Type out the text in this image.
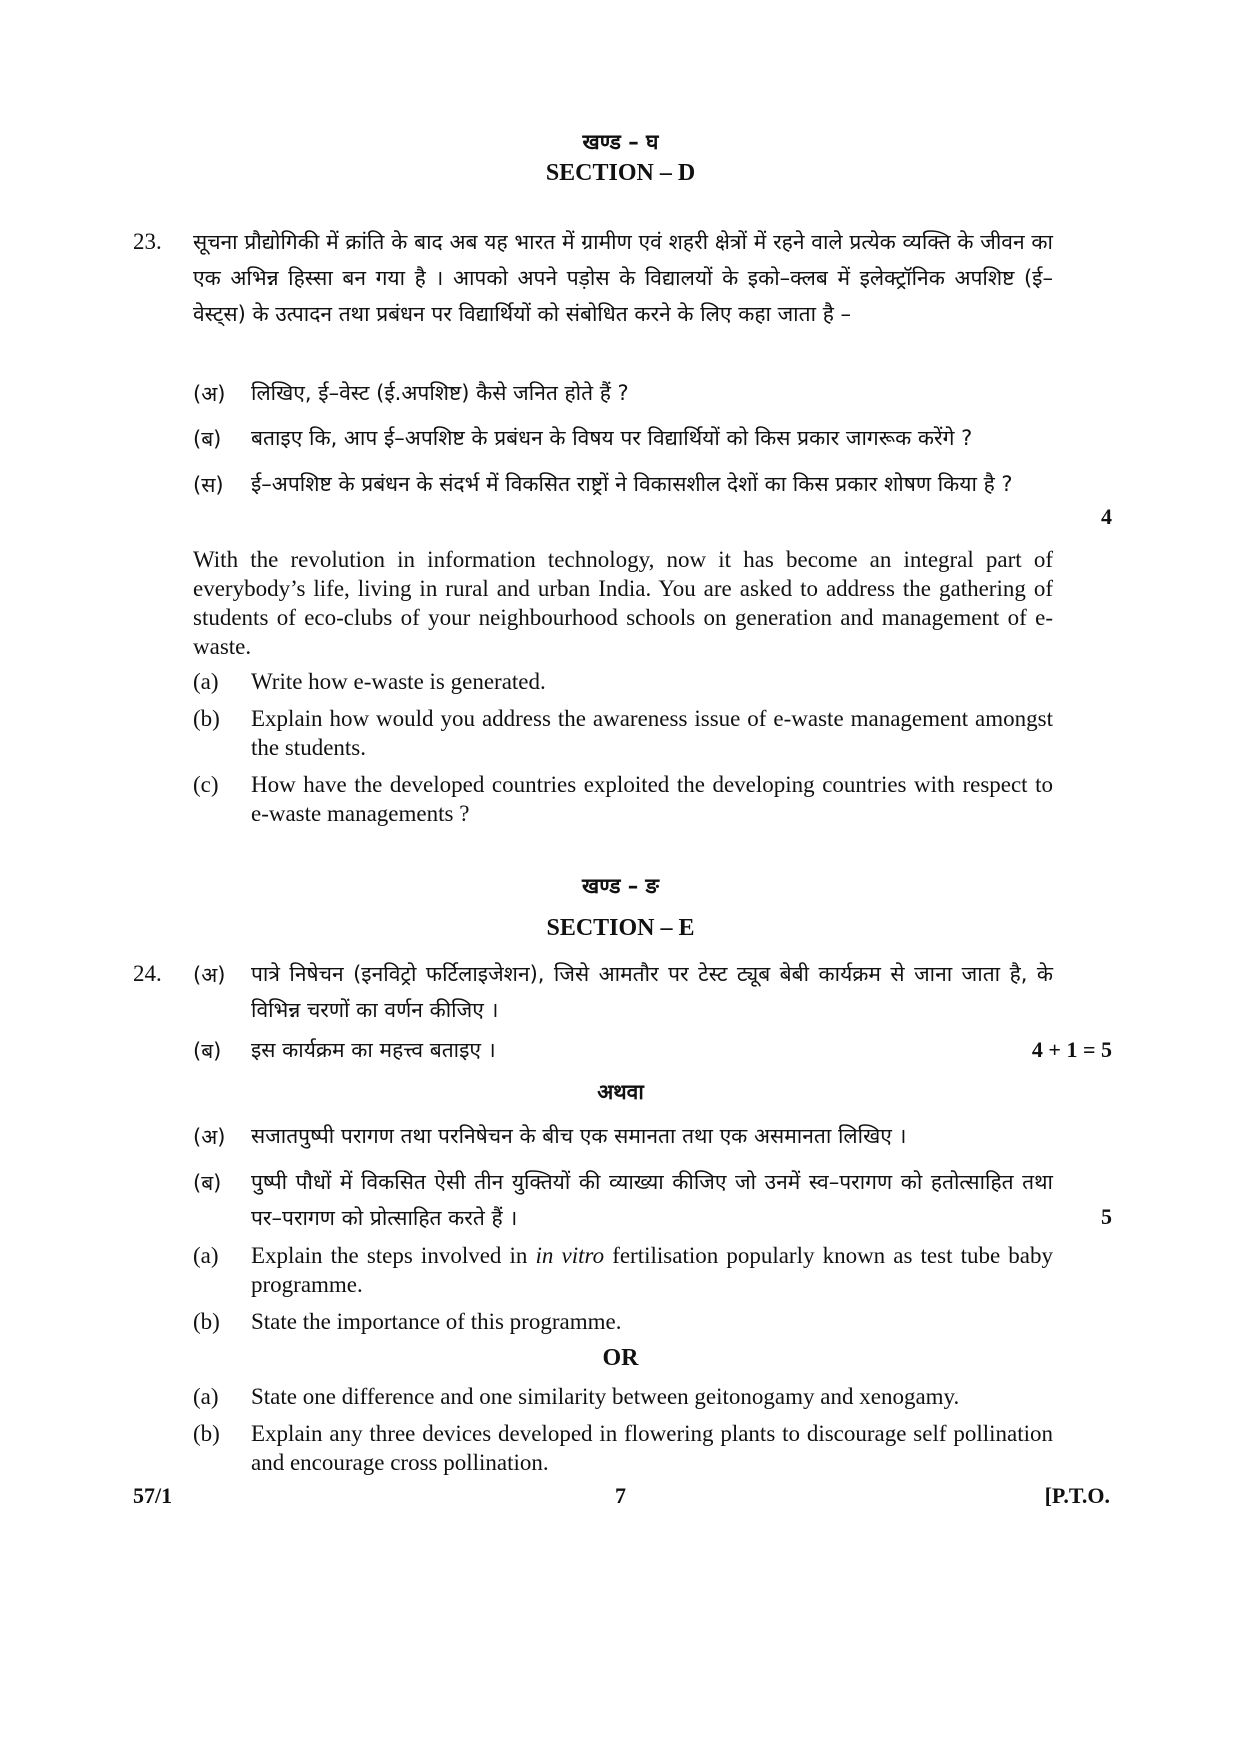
खण्ड – घ
SECTION – D
23. सूचना प्रौद्योगिकी में क्रांति के बाद अब यह भारत में ग्रामीण एवं शहरी क्षेत्रों में रहने वाले प्रत्येक व्यक्ति के जीवन का एक अभिन्न हिस्सा बन गया है । आपको अपने पड़ोस के विद्यालयों के इको–क्लब में इलेक्ट्रॉनिक अपशिष्ट (ई–वेस्ट्स) के उत्पादन तथा प्रबंधन पर विद्यार्थियों को संबोधित करने के लिए कहा जाता है –
(अ) लिखिए, ई–वेस्ट (ई.अपशिष्ट) कैसे जनित होते हैं ?
(ब) बताइए कि, आप ई–अपशिष्ट के प्रबंधन के विषय पर विद्यार्थियों को किस प्रकार जागरूक करेंगे ?
(स) ई–अपशिष्ट के प्रबंधन के संदर्भ में विकसित राष्ट्रों ने विकासशील देशों का किस प्रकार शोषण किया है ?
4
With the revolution in information technology, now it has become an integral part of everybody’s life, living in rural and urban India. You are asked to address the gathering of students of eco-clubs of your neighbourhood schools on generation and management of e-waste.
(a) Write how e-waste is generated.
(b) Explain how would you address the awareness issue of e-waste management amongst the students.
(c) How have the developed countries exploited the developing countries with respect to e-waste managements ?
खण्ड – ङ
SECTION – E
24. (अ) पात्रे निषेचन (इनविट्रो फर्टिलाइजेशन), जिसे आमतौर पर टेस्ट ट्यूब बेबी कार्यक्रम से जाना जाता है, के विभिन्न चरणों का वर्णन कीजिए ।
(ब) इस कार्यक्रम का महत्त्व बताइए ।	4 + 1 = 5
अथवा
(अ) सजातपुष्पी परागण तथा परनिषेचन के बीच एक समानता तथा एक असमानता लिखिए ।
(ब) पुष्पी पौधों में विकसित ऐसी तीन युक्तियों की व्याख्या कीजिए जो उनमें स्व–परागण को हतोत्साहित तथा पर–परागण को प्रोत्साहित करते हैं ।	5
(a) Explain the steps involved in in vitro fertilisation popularly known as test tube baby programme.
(b) State the importance of this programme.
OR
(a) State one difference and one similarity between geitonogamy and xenogamy.
(b) Explain any three devices developed in flowering plants to discourage self pollination and encourage cross pollination.
57/1	7	[P.T.O.
